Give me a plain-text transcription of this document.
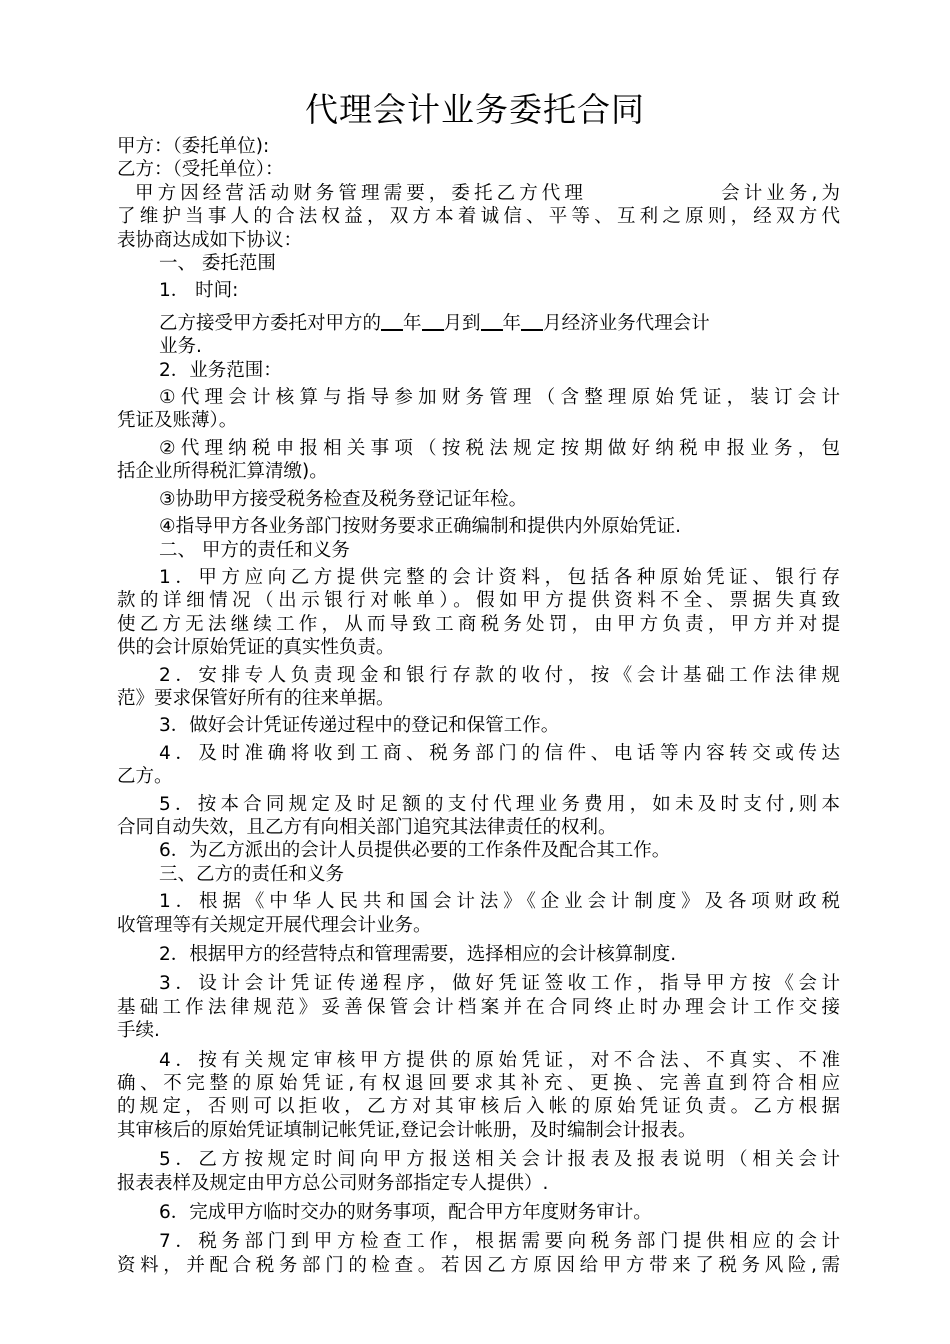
代理会计业务委托合同
甲方：（委托单位):
乙方：（受托单位）：
甲方因经营活动财务管理需要，委托乙方代理	会计业务,为
了维护当事人的合法权益，双方本着诚信、平等、互利之原则，经双方代
表协商达成如下协议：
一、 委托范围
1． 时间:
乙方接受甲方委托对甲方的 年 月到 年 月经济业务代理会计
业务.
2．业务范围：
①代理会计核算与指导参加财务管理（含整理原始凭证，装订会计
凭证及账薄）。
②代理纳税申报相关事项（按税法规定按期做好纳税申报业务，包
括企业所得税汇算清缴)。
③协助甲方接受税务检查及税务登记证年检。
④指导甲方各业务部门按财务要求正确编制和提供内外原始凭证.
二、 甲方的责任和义务
1．甲方应向乙方提供完整的会计资料，包括各种原始凭证、银行存
款的详细情况（出示银行对帐单）。假如甲方提供资料不全、票据失真致
使乙方无法继续工作，从而导致工商税务处罚，由甲方负责，甲方并对提
供的会计原始凭证的真实性负责。
2．安排专人负责现金和银行存款的收付，按《会计基础工作法律规
范》要求保管好所有的往来单据。
3．做好会计凭证传递过程中的登记和保管工作。
4．及时准确将收到工商、税务部门的信件、电话等内容转交或传达
乙方。
5．按本合同规定及时足额的支付代理业务费用，如未及时支付,则本
合同自动失效，且乙方有向相关部门追究其法律责任的权利。
6．为乙方派出的会计人员提供必要的工作条件及配合其工作。
三、乙方的责任和义务
1．根据《中华人民共和国会计法》《企业会计制度》及各项财政税
收管理等有关规定开展代理会计业务。
2．根据甲方的经营特点和管理需要，选择相应的会计核算制度.
3．设计会计凭证传递程序，做好凭证签收工作，指导甲方按《会计
基础工作法律规范》妥善保管会计档案并在合同终止时办理会计工作交接
手续.
4．按有关规定审核甲方提供的原始凭证，对不合法、不真实、不准
确、不完整的原始凭证,有权退回要求其补充、更换、完善直到符合相应
的规定，否则可以拒收，乙方对其审核后入帐的原始凭证负责。乙方根据
其审核后的原始凭证填制记帐凭证,登记会计帐册，及时编制会计报表。
5．乙方按规定时间向甲方报送相关会计报表及报表说明（相关会计
报表表样及规定由甲方总公司财务部指定专人提供）.
6．完成甲方临时交办的财务事项，配合甲方年度财务审计。
7．税务部门到甲方检查工作，根据需要向税务部门提供相应的会计
资料，并配合税务部门的检查。若因乙方原因给甲方带来了税务风险,需
